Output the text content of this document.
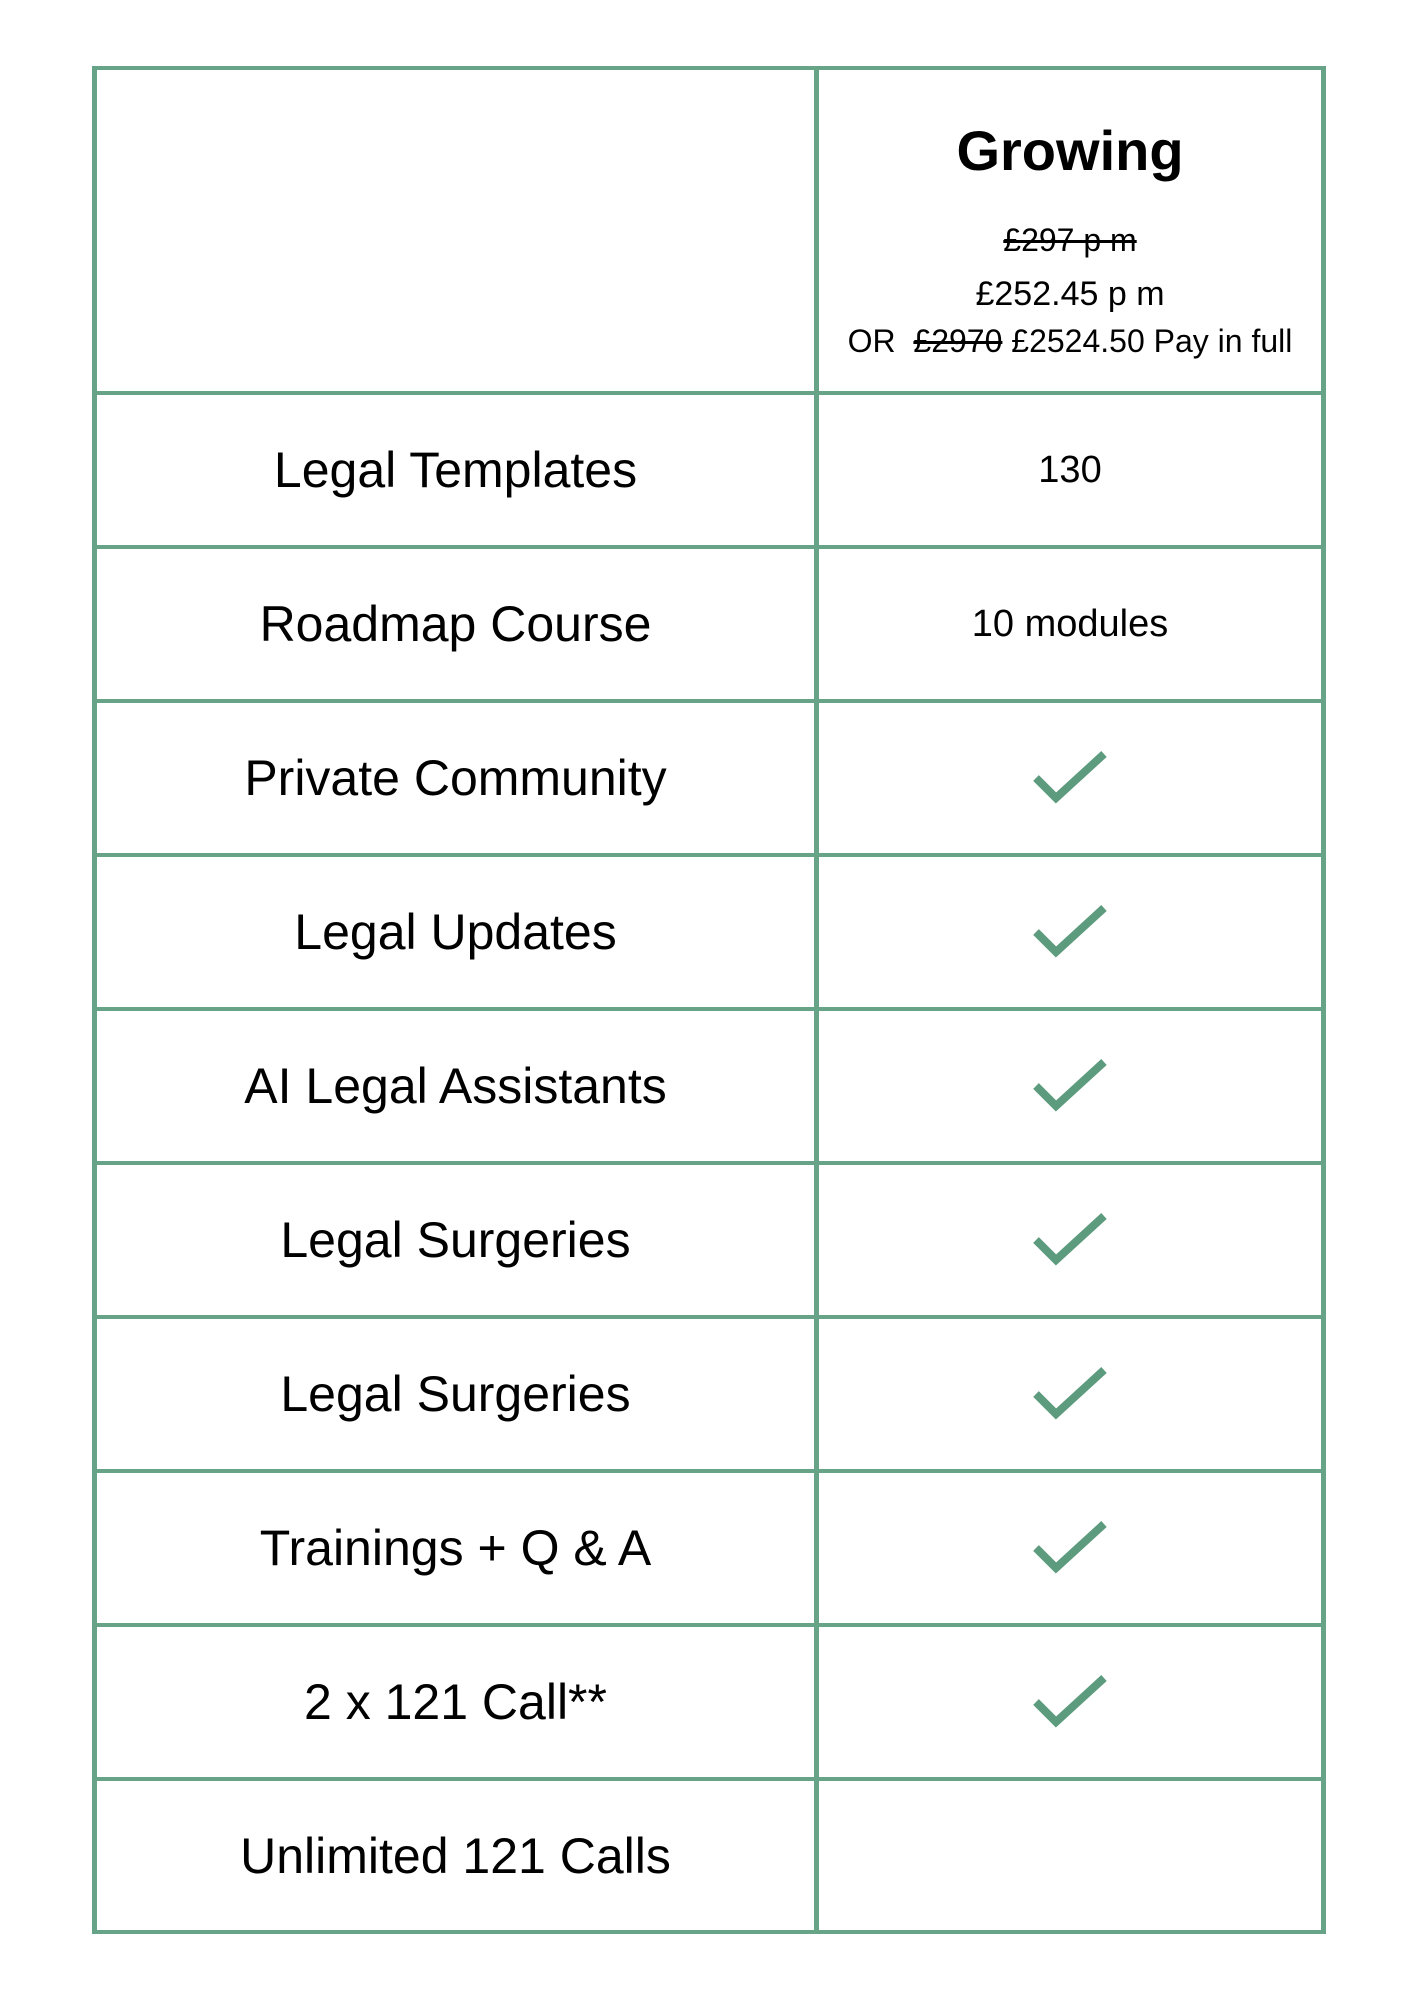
Growing
£297 p m
£252.45 p m
OR £2970 £2524.50 Pay in full
Legal Templates	130
Roadmap Course	10 modules
Private Community
Legal Updates
AI Legal Assistants
Legal Surgeries
Legal Surgeries
Trainings + Q & A
2 x 121 Call**
Unlimited 121 Calls
